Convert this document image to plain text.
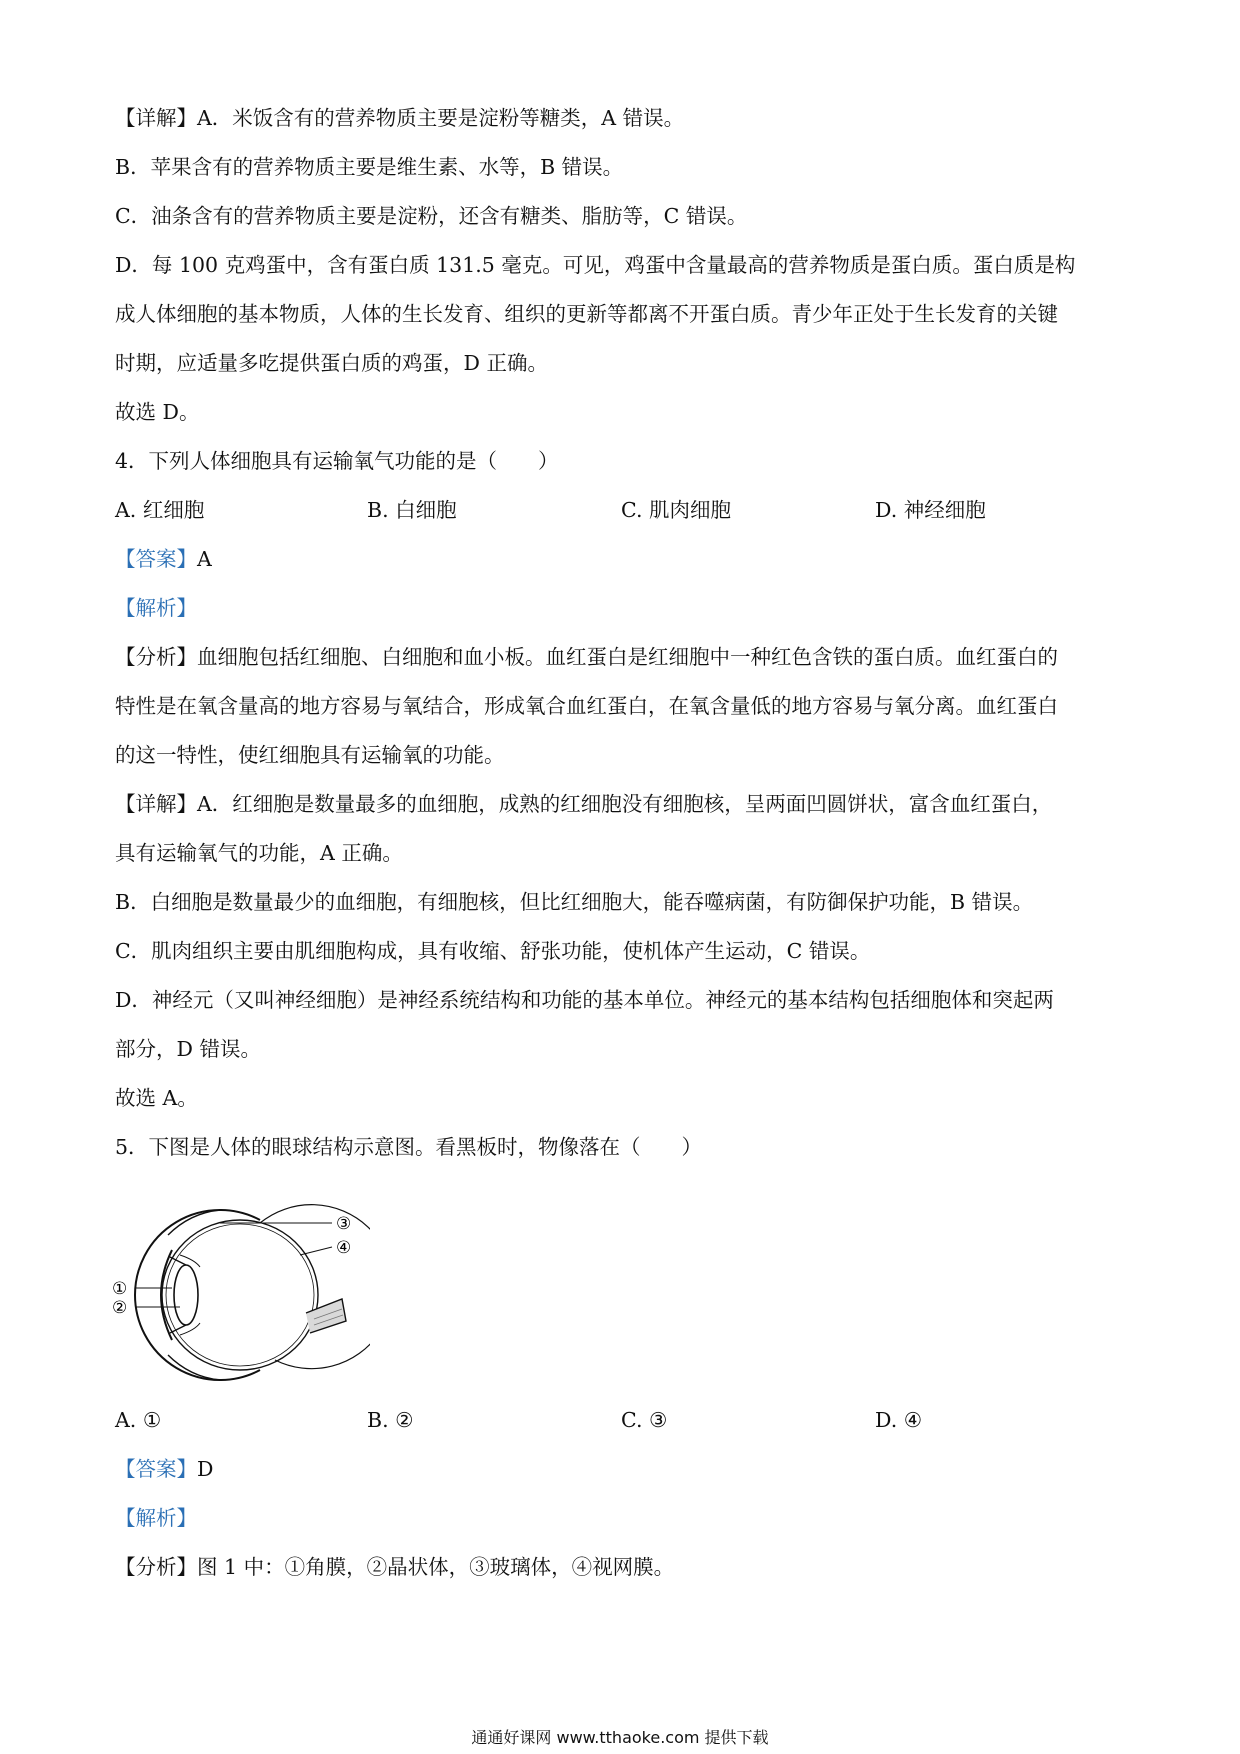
【详解】A．米饭含有的营养物质主要是淀粉等糖类，A 错误。
B．苹果含有的营养物质主要是维生素、水等，B 错误。
C．油条含有的营养物质主要是淀粉，还含有糖类、脂肪等，C 错误。
D．每 100 克鸡蛋中，含有蛋白质 131.5 毫克。可见，鸡蛋中含量最高的营养物质是蛋白质。蛋白质是构
成人体细胞的基本物质，人体的生长发育、组织的更新等都离不开蛋白质。青少年正处于生长发育的关键
时期，应适量多吃提供蛋白质的鸡蛋，D 正确。
故选 D。
4．下列人体细胞具有运输氧气功能的是（　　）
A. 红细胞	B. 白细胞	C. 肌肉细胞	D. 神经细胞
【答案】A
【解析】
【分析】血细胞包括红细胞、白细胞和血小板。血红蛋白是红细胞中一种红色含铁的蛋白质。血红蛋白的
特性是在氧含量高的地方容易与氧结合，形成氧合血红蛋白，在氧含量低的地方容易与氧分离。血红蛋白
的这一特性，使红细胞具有运输氧的功能。
【详解】A．红细胞是数量最多的血细胞，成熟的红细胞没有细胞核，呈两面凹圆饼状，富含血红蛋白，
具有运输氧气的功能，A 正确。
B．白细胞是数量最少的血细胞，有细胞核，但比红细胞大，能吞噬病菌，有防御保护功能，B 错误。
C．肌肉组织主要由肌细胞构成，具有收缩、舒张功能，使机体产生运动，C 错误。
D．神经元（又叫神经细胞）是神经系统结构和功能的基本单位。神经元的基本结构包括细胞体和突起两
部分，D 错误。
故选 A。
5．下图是人体的眼球结构示意图。看黑板时，物像落在（　　）
①
②
③
④
A. ①	B. ②	C. ③	D. ④
【答案】D
【解析】
【分析】图 1 中：①角膜，②晶状体，③玻璃体，④视网膜。
通通好课网 www.tthaoke.com 提供下载
